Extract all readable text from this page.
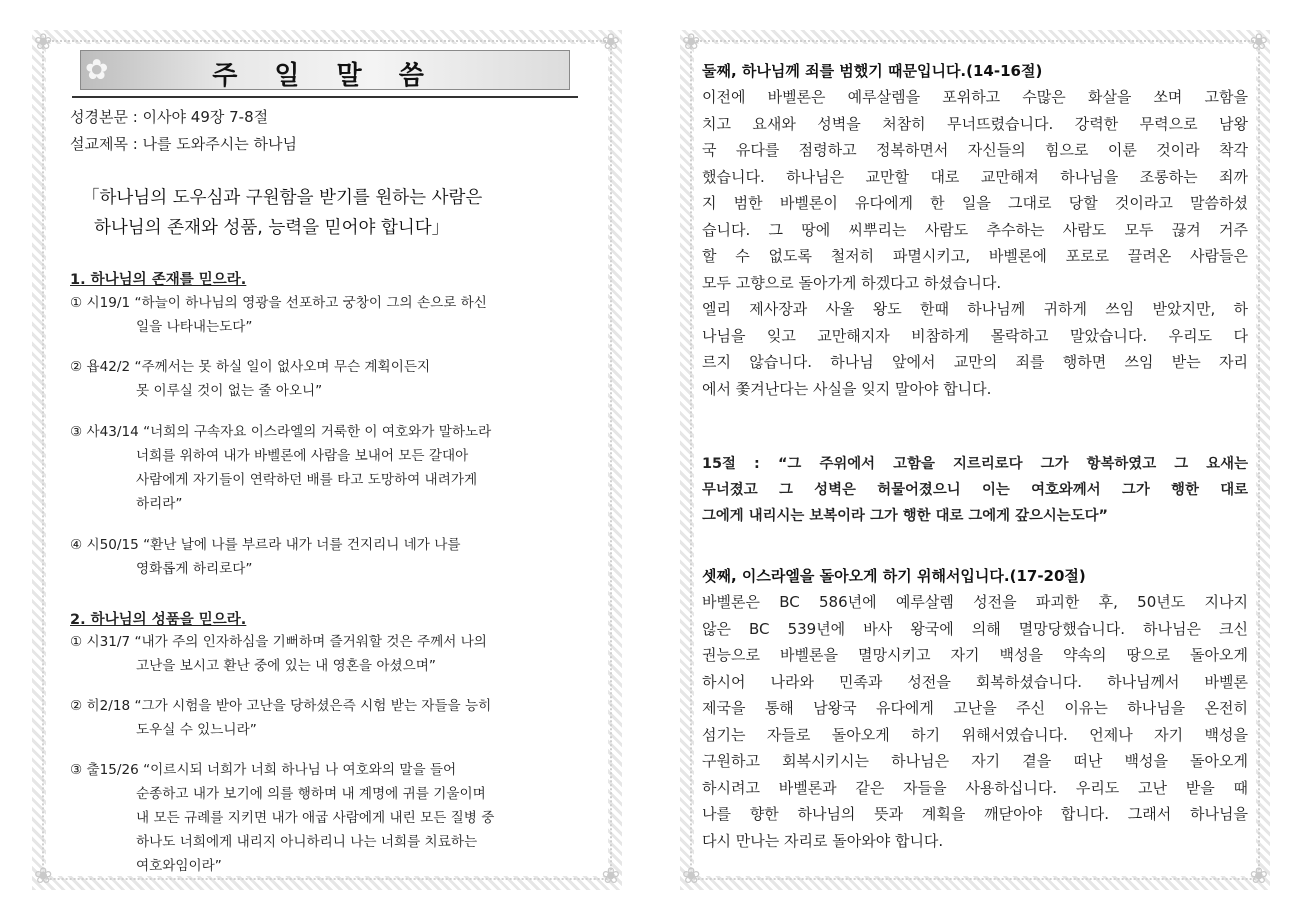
❀	❀
❀	❀
✿	주 일 말 씀
성경본문 : 이사야 49장 7-8절
설교제목 : 나를 도와주시는 하나님
「하나님의 도우심과 구원함을 받기를 원하는 사람은
하나님의 존재와 성품, 능력을 믿어야 합니다」
1. 하나님의 존재를 믿으라.
① 시19/1 “하늘이 하나님의 영광을 선포하고 궁창이 그의 손으로 하신
일을 나타내는도다”
② 욥42/2 “주께서는 못 하실 일이 없사오며 무슨 계획이든지
못 이루실 것이 없는 줄 아오니”
③ 사43/14 “너희의 구속자요 이스라엘의 거룩한 이 여호와가 말하노라
너희를 위하여 내가 바벨론에 사람을 보내어 모든 갈대아
사람에게 자기들이 연락하던 배를 타고 도망하여 내려가게
하리라”
④ 시50/15 “환난 날에 나를 부르라 내가 너를 건지리니 네가 나를
영화롭게 하리로다”
2. 하나님의 성품을 믿으라.
① 시31/7 “내가 주의 인자하심을 기뻐하며 즐거워할 것은 주께서 나의
고난을 보시고 환난 중에 있는 내 영혼을 아셨으며”
② 히2/18 “그가 시험을 받아 고난을 당하셨은즉 시험 받는 자들을 능히
도우실 수 있느니라”
③ 출15/26 “이르시되 너희가 너희 하나님 나 여호와의 말을 들어
순종하고 내가 보기에 의를 행하며 내 계명에 귀를 기울이며
내 모든 규례를 지키면 내가 애굽 사람에게 내린 모든 질병 중
하나도 너희에게 내리지 아니하리니 나는 너희를 치료하는
여호와임이라”
❀	❀
❀	❀
둘째, 하나님께 죄를 범했기 때문입니다.(14-16절)
이전에 바벨론은 예루살렘을 포위하고 수많은 화살을 쏘며 고함을
치고 요새와 성벽을 처참히 무너뜨렸습니다. 강력한 무력으로 남왕
국 유다를 점령하고 정복하면서 자신들의 힘으로 이룬 것이라 착각
했습니다. 하나님은 교만할 대로 교만해져 하나님을 조롱하는 죄까
지 범한 바벨론이 유다에게 한 일을 그대로 당할 것이라고 말씀하셨
습니다. 그 땅에 씨뿌리는 사람도 추수하는 사람도 모두 끊겨 거주
할 수 없도록 철저히 파멸시키고, 바벨론에 포로로 끌려온 사람들은
모두 고향으로 돌아가게 하겠다고 하셨습니다.
엘리 제사장과 사울 왕도 한때 하나님께 귀하게 쓰임 받았지만, 하
나님을 잊고 교만해지자 비참하게 몰락하고 말았습니다. 우리도 다
르지 않습니다. 하나님 앞에서 교만의 죄를 행하면 쓰임 받는 자리
에서 쫓겨난다는 사실을 잊지 말아야 합니다.
15절 : “그 주위에서 고함을 지르리로다 그가 항복하였고 그 요새는
무너졌고 그 성벽은 허물어졌으니 이는 여호와께서 그가 행한 대로
그에게 내리시는 보복이라 그가 행한 대로 그에게 갚으시는도다”
셋째, 이스라엘을 돌아오게 하기 위해서입니다.(17-20절)
바벨론은 BC 586년에 예루살렘 성전을 파괴한 후, 50년도 지나지
않은 BC 539년에 바사 왕국에 의해 멸망당했습니다. 하나님은 크신
권능으로 바벨론을 멸망시키고 자기 백성을 약속의 땅으로 돌아오게
하시어 나라와 민족과 성전을 회복하셨습니다. 하나님께서 바벨론
제국을 통해 남왕국 유다에게 고난을 주신 이유는 하나님을 온전히
섬기는 자들로 돌아오게 하기 위해서였습니다. 언제나 자기 백성을
구원하고 회복시키시는 하나님은 자기 곁을 떠난 백성을 돌아오게
하시려고 바벨론과 같은 자들을 사용하십니다. 우리도 고난 받을 때
나를 향한 하나님의 뜻과 계획을 깨닫아야 합니다. 그래서 하나님을
다시 만나는 자리로 돌아와야 합니다.
